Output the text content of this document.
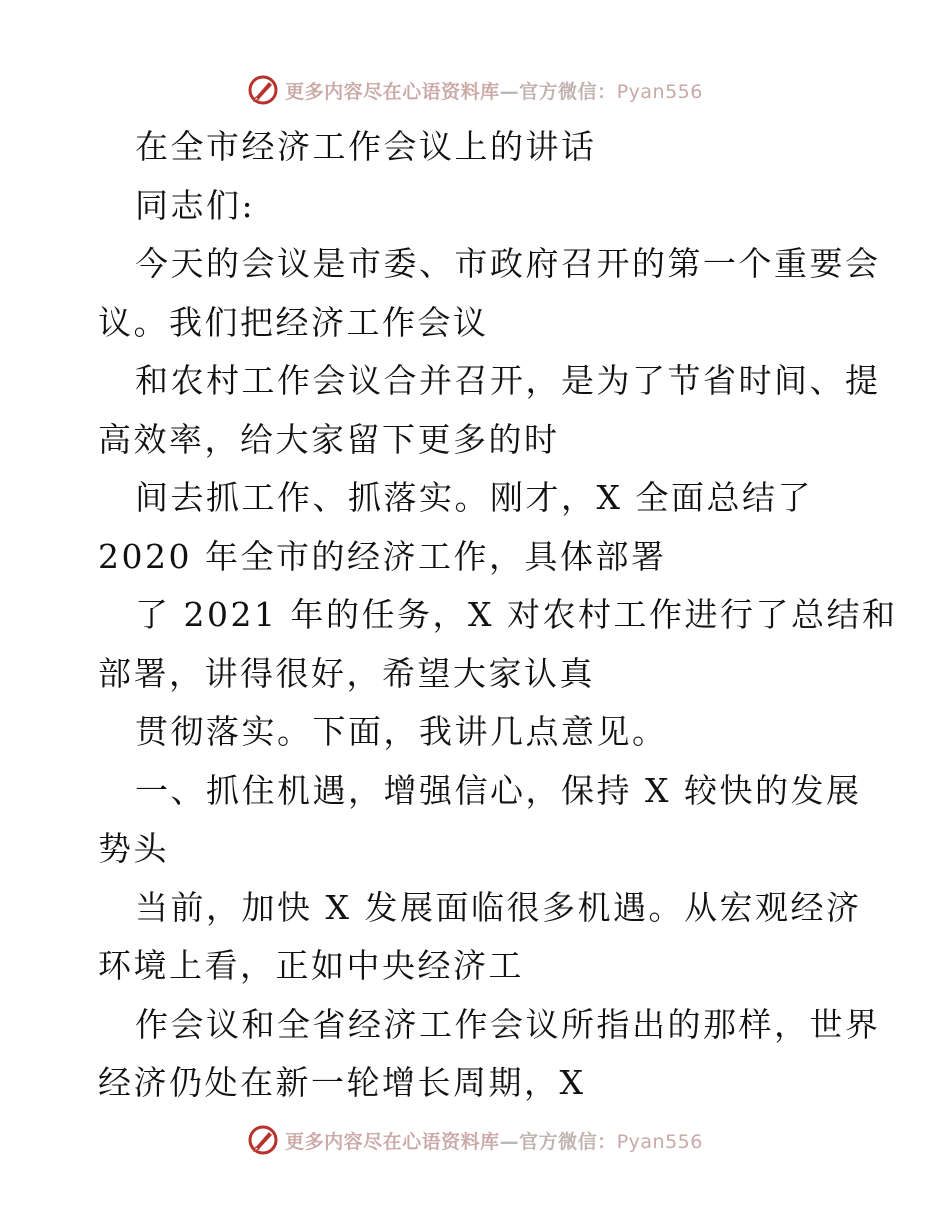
更多内容尽在心语资料库—官方微信：Pyan556
在全市经济工作会议上的讲话
同志们:
今天的会议是市委、市政府召开的第一个重要会
议。我们把经济工作会议
和农村工作会议合并召开，是为了节省时间、提
高效率，给大家留下更多的时
间去抓工作、抓落实。刚才，X 全面总结了
2020 年全市的经济工作，具体部署
了 2021 年的任务，X 对农村工作进行了总结和
部署，讲得很好，希望大家认真
贯彻落实。下面，我讲几点意见。
一、抓住机遇，增强信心，保持 X 较快的发展
势头
当前，加快 X 发展面临很多机遇。从宏观经济
环境上看，正如中央经济工
作会议和全省经济工作会议所指出的那样，世界
经济仍处在新一轮增长周期，X
更多内容尽在心语资料库—官方微信：Pyan556
